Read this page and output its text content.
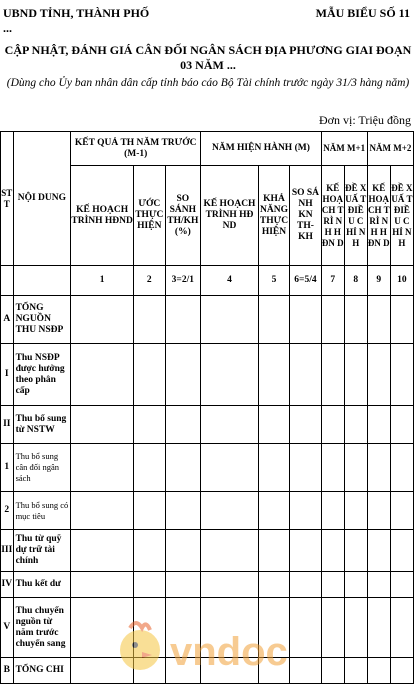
UBND TỈNH, THÀNH PHỐ ...
MẪU BIỂU SỐ 11
CẬP NHẬT, ĐÁNH GIÁ CÂN ĐỐI NGÂN SÁCH ĐỊA PHƯƠNG GIAI ĐOẠN 03 NĂM ...
(Dùng cho Ủy ban nhân dân cấp tỉnh báo cáo Bộ Tài chính trước ngày 31/3 hàng năm)
Đơn vị: Triệu đồng
STT	NỘI DUNG	KẾT QUẢ TH NĂM TRƯỚC (M-1)			NĂM HIỆN HÀNH (M)			NĂM M+1		NĂM M+2	
		KẾ HOẠCH TRÌNH HĐND	ƯỚC THỰC HIỆN	SO SÁNH TH/KH (%)	KẾ HOẠCH TRÌNH HĐ ND	KHẢ NĂNG THỰC HIỆN	SO SÁ NH KN TH- KH	KẾ HOẠ CH TRÌ NH HĐN D	ĐỀ XUẤ T ĐIỀ U CHỈ NH	KẾ HOẠ CH TRÌ NH HĐN D	ĐỀ XUẤ T ĐIỀ U CHỈ NH
		1	2	3=2/1	4	5	6=5/4	7	8	9	10
A	TỔNG NGUỒN THU NSĐP										
I	Thu NSĐP được hưởng theo phân cấp										
II	Thu bổ sung từ NSTW										
1	Thu bổ sung cân đối ngân sách										
2	Thu bổ sung có mục tiêu										
III	Thu từ quỹ dự trữ tài chính										
IV	Thu kết dư										
V	Thu chuyển nguồn từ năm trước chuyển sang										
B	TỔNG CHI											vndoc
